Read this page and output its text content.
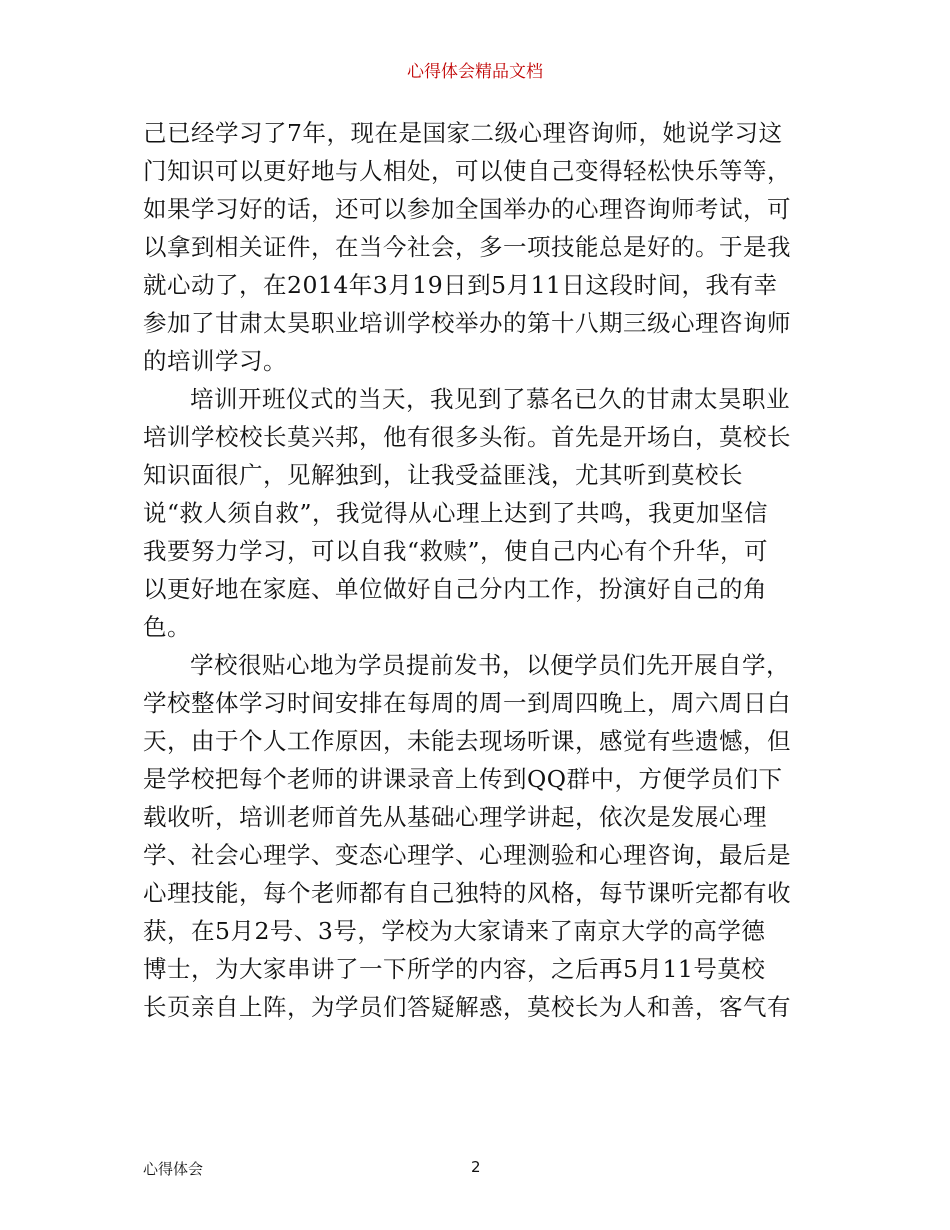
心得体会精品文档
己已经学习了7年，现在是国家二级心理咨询师，她说学习这
门知识可以更好地与人相处，可以使自己变得轻松快乐等等，
如果学习好的话，还可以参加全国举办的心理咨询师考试，可
以拿到相关证件，在当今社会，多一项技能总是好的。于是我
就心动了，在2014年3月19日到5月11日这段时间，我有幸
参加了甘肃太昊职业培训学校举办的第十八期三级心理咨询师
的培训学习。
培训开班仪式的当天，我见到了慕名已久的甘肃太昊职业
培训学校校长莫兴邦，他有很多头衔。首先是开场白，莫校长
知识面很广，见解独到，让我受益匪浅，尤其听到莫校长
说“救人须自救”，我觉得从心理上达到了共鸣，我更加坚信
我要努力学习，可以自我“救赎”，使自己内心有个升华，可
以更好地在家庭、单位做好自己分内工作，扮演好自己的角
色。
学校很贴心地为学员提前发书，以便学员们先开展自学，
学校整体学习时间安排在每周的周一到周四晚上，周六周日白
天，由于个人工作原因，未能去现场听课，感觉有些遗憾，但
是学校把每个老师的讲课录音上传到QQ群中，方便学员们下
载收听，培训老师首先从基础心理学讲起，依次是发展心理
学、社会心理学、变态心理学、心理测验和心理咨询，最后是
心理技能，每个老师都有自己独特的风格，每节课听完都有收
获，在5月2号、3号，学校为大家请来了南京大学的高学德
博士，为大家串讲了一下所学的内容，之后再5月11号莫校
长页亲自上阵，为学员们答疑解惑，莫校长为人和善，客气有
心得体会	2
